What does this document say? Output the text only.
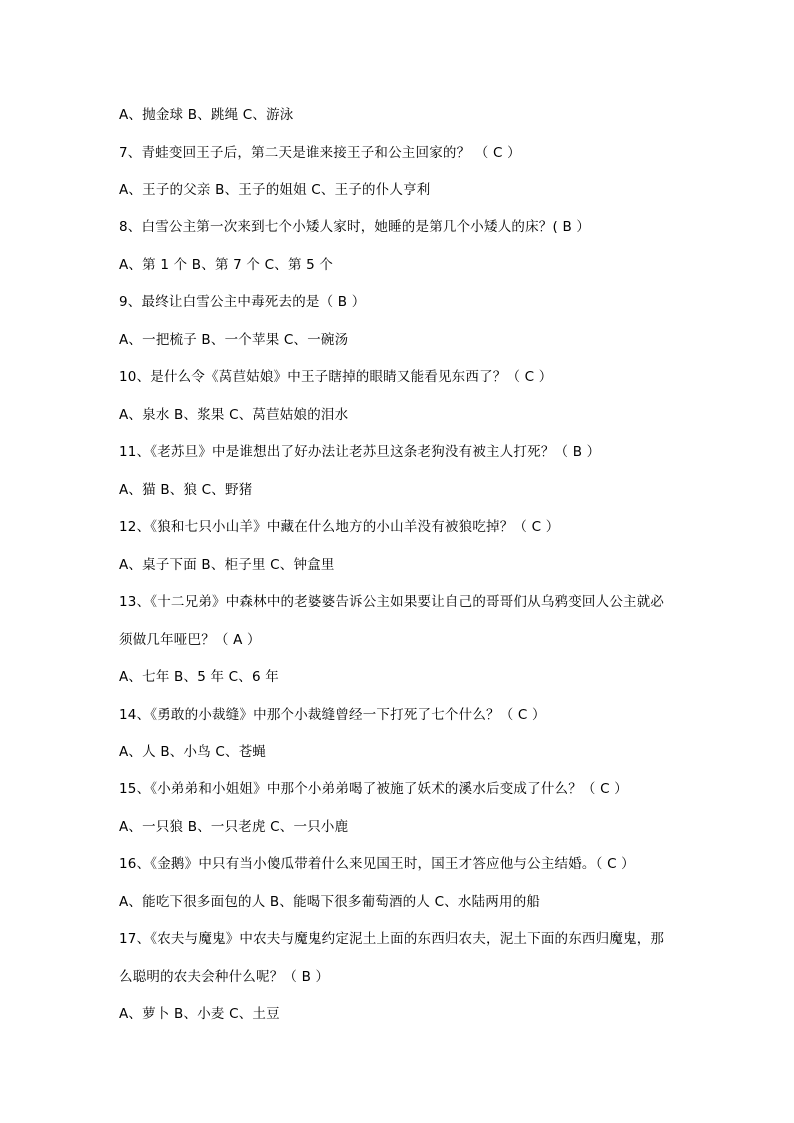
A、抛金球 B、跳绳 C、游泳
7、青蛙变回王子后，第二天是谁来接王子和公主回家的？ （ C ）
A、王子的父亲 B、王子的姐姐 C、王子的仆人亨利
8、白雪公主第一次来到七个小矮人家时，她睡的是第几个小矮人的床？( B ）
A、第 1 个 B、第 7 个 C、第 5 个
9、最终让白雪公主中毒死去的是（ B ）
A、一把梳子 B、一个苹果 C、一碗汤
10、是什么令《莴苣姑娘》中王子瞎掉的眼睛又能看见东西了？（ C ）
A、泉水 B、浆果 C、莴苣姑娘的泪水
11、《老苏旦》中是谁想出了好办法让老苏旦这条老狗没有被主人打死？（ B ）
A、猫 B、狼 C、野猪
12、《狼和七只小山羊》中藏在什么地方的小山羊没有被狼吃掉？（ C ）
A、桌子下面 B、柜子里 C、钟盒里
13、《十二兄弟》中森林中的老婆婆告诉公主如果要让自己的哥哥们从乌鸦变回人公主就必
须做几年哑巴？（ A ）
A、七年 B、5 年 C、6 年
14、《勇敢的小裁缝》中那个小裁缝曾经一下打死了七个什么？（ C ）
A、人 B、小鸟 C、苍蝇
15、《小弟弟和小姐姐》中那个小弟弟喝了被施了妖术的溪水后变成了什么？（ C ）
A、一只狼 B、一只老虎 C、一只小鹿
16、《金鹅》中只有当小傻瓜带着什么来见国王时，国王才答应他与公主结婚。（ C ）
A、能吃下很多面包的人 B、能喝下很多葡萄酒的人 C、水陆两用的船
17、《农夫与魔鬼》中农夫与魔鬼约定泥土上面的东西归农夫，泥土下面的东西归魔鬼，那
么聪明的农夫会种什么呢？（ B ）
A、萝卜 B、小麦 C、土豆
